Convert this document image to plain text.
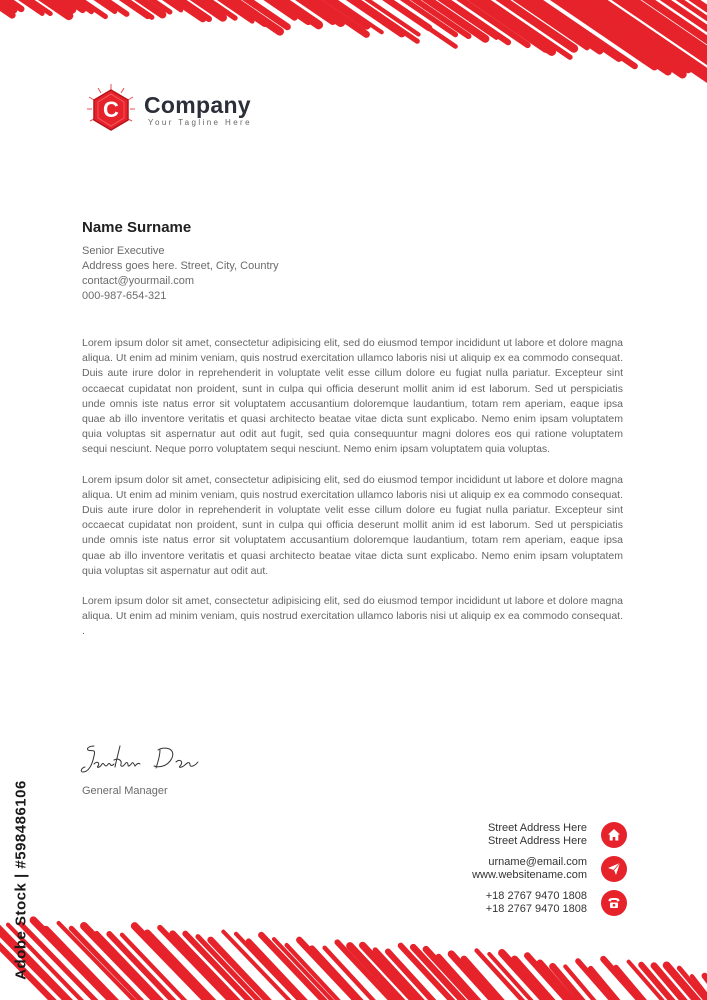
C Company
Your Tagline Here
Name Surname
Senior Executive
Address goes here. Street, City, Country
contact@yourmail.com
000-987-654-321

Lorem ipsum dolor sit amet, consectetur adipisicing elit, sed do eiusmod tempor incididunt ut labore et dolore magna aliqua. Ut enim ad minim veniam, quis nostrud exercitation ullamco laboris nisi ut aliquip ex ea commodo consequat. Duis aute irure dolor in reprehenderit in voluptate velit esse cillum dolore eu fugiat nulla pariatur. Excepteur sint occaecat cupidatat non proident, sunt in culpa qui officia deserunt mollit anim id est laborum. Sed ut perspiciatis unde omnis iste natus error sit voluptatem accusantium doloremque laudantium, totam rem aperiam, eaque ipsa quae ab illo inventore veritatis et quasi architecto beatae vitae dicta sunt explicabo. Nemo enim ipsam voluptatem quia voluptas sit aspernatur aut odit aut fugit, sed quia consequuntur magni dolores eos qui ratione voluptatem sequi nesciunt. Neque porro voluptatem sequi nesciunt. Nemo enim ipsam voluptatem quia voluptas.

Lorem ipsum dolor sit amet, consectetur adipisicing elit, sed do eiusmod tempor incididunt ut labore et dolore magna aliqua. Ut enim ad minim veniam, quis nostrud exercitation ullamco laboris nisi ut aliquip ex ea commodo consequat. Duis aute irure dolor in reprehenderit in voluptate velit esse cillum dolore eu fugiat nulla pariatur. Excepteur sint occaecat cupidatat non proident, sunt in culpa qui officia deserunt mollit anim id est laborum. Sed ut perspiciatis unde omnis iste natus error sit voluptatem accusantium doloremque laudantium, totam rem aperiam, eaque ipsa quae ab illo inventore veritatis et quasi architecto beatae vitae dicta sunt explicabo. Nemo enim ipsam voluptatem quia voluptas sit aspernatur aut odit aut.

Lorem ipsum dolor sit amet, consectetur adipisicing elit, sed do eiusmod tempor incididunt ut labore et dolore magna aliqua. Ut enim ad minim veniam, quis nostrud exercitation ullamco laboris nisi ut aliquip ex ea commodo consequat. .

General Manager
Street Address Here
Street Address Here
urname@email.com
www.websitename.com
+18 2767 9470 1808
+18 2767 9470 1808
Adobe Stock | #598486106
